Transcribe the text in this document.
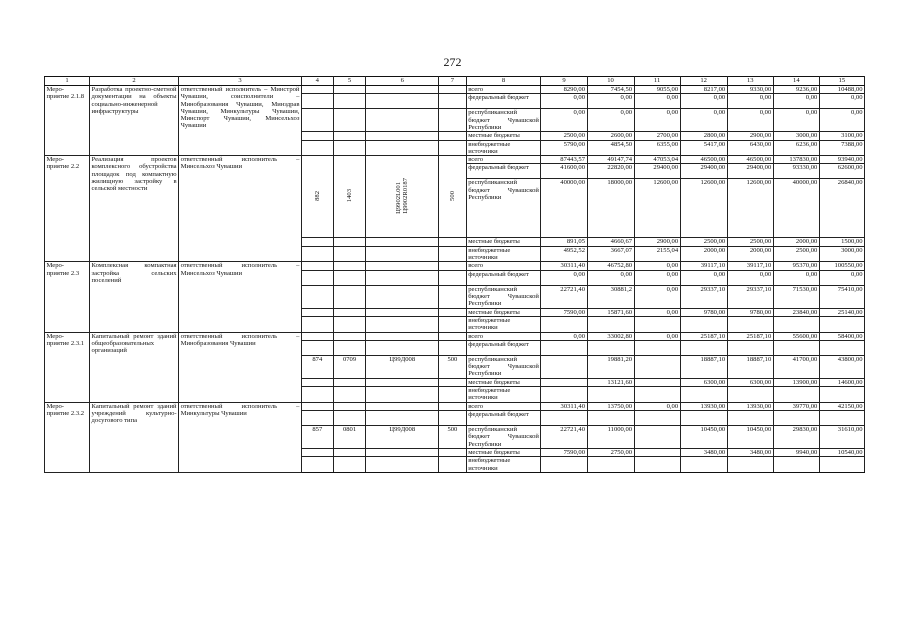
272
1	2	3	4	5	6	7	8	9	10	11	12	13	14	15
Меро- приятие 2.1.8	Разработка проектно-сметной документации на объекты социально-инженерной инфраструктуры	ответственный исполнитель – Минстрой Чувашии, соисполнители – Минобразования Чувашии, Минздрав Чувашии, Минкультуры Чувашии, Минспорт Чувашии, Минсельхоз Чувашии					всего	8290,00	7454,50	9055,00	8217,00	9330,00	9236,00	10488,00
							федеральный бюджет	0,00	0,00	0,00	0,00	0,00	0,00	0,00
							республиканский бюджет Чувашской Республики	0,00	0,00	0,00	0,00	0,00	0,00	0,00
							местные бюджеты	2500,00	2600,00	2700,00	2800,00	2900,00	3000,00	3100,00
							внебюджетные источники	5790,00	4854,50	6355,00	5417,00	6430,00	6236,00	7388,00
Меро- приятие 2.2	Реализация проектов комплексного обустройства площадок под компактную жилищную застройку в сельской местности	ответственный исполнитель – Минсельхоз Чувашии	882	1403	Ц9902L001Ц9902R0187	500	всего	87443,57	49147,74	47053,04	46500,00	46500,00	137830,00	93940,00
							федеральный бюджет	41600,00	22820,00	29400,00	29400,00	29400,00	93330,00	62600,00
							республиканский бюджет Чувашской Республики	40000,00	18000,00	12600,00	12600,00	12600,00	40000,00	26840,00
							местные бюджеты	891,05	4660,67	2900,00	2500,00	2500,00	2000,00	1500,00
							внебюджетные источники	4952,52	3667,07	2155,04	2000,00	2000,00	2500,00	3000,00
Меро- приятие 2.3	Комплексная компактная застройка сельских поселений	ответственный исполнитель – Минсельхоз Чувашии					всего	30311,40	46752,80	0,00	39117,10	39117,10	95370,00	100550,00
							федеральный бюджет	0,00	0,00	0,00	0,00	0,00	0,00	0,00
							республиканский бюджет Чувашской Республики	22721,40	30881,2	0,00	29337,10	29337,10	71530,00	75410,00
							местные бюджеты	7590,00	15871,60	0,00	9780,00	9780,00	23840,00	25140,00
							внебюджетные источники							
Меро- приятие 2.3.1	Капитальный ремонт зданий общеобразовательных организаций	ответственный исполнитель – Минобразования Чувашии					всего	0,00	33002,80	0,00	25187,10	25187,10	55600,00	58400,00
							федеральный бюджет							
			874	0709	Ц99Д008	500	республиканский бюджет Чувашской Республики		19881,20		18887,10	18887,10	41700,00	43800,00
							местные бюджеты		13121,60		6300,00	6300,00	13900,00	14600,00
							внебюджетные источники							
Меро- приятие 2.3.2	Капитальный ремонт зданий учреждений культурно-досугового типа	ответственный исполнитель – Минкультуры Чувашии					всего	30311,40	13750,00	0,00	13930,00	13930,00	39770,00	42150,00
							федеральный бюджет							
			857	0801	Ц99Д008	500	республиканский бюджет Чувашской Республики	22721,40	11000,00		10450,00	10450,00	29830,00	31610,00
							местные бюджеты	7590,00	2750,00		3480,00	3480,00	9940,00	10540,00
							внебюджетные источники							
